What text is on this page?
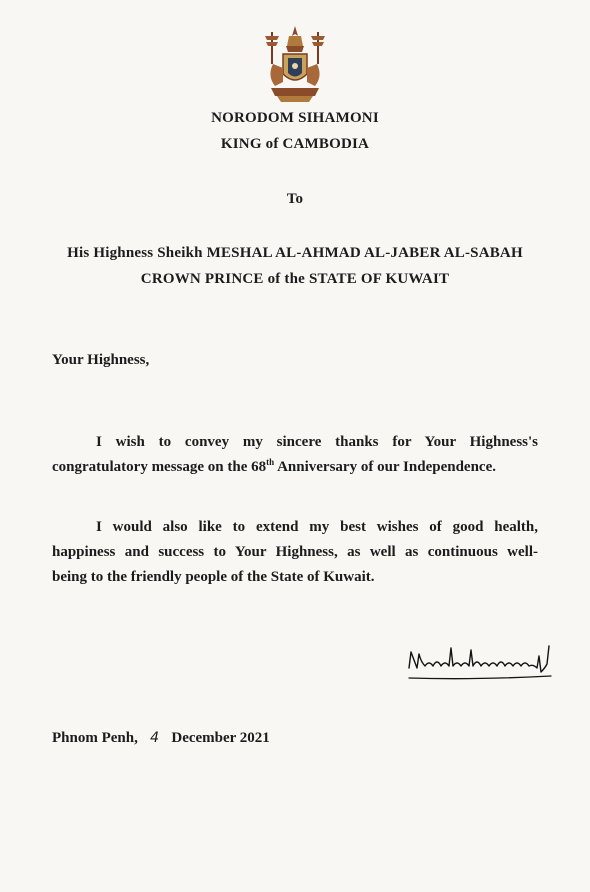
NORODOM SIHAMONI
KING of CAMBODIA
To
His Highness Sheikh MESHAL AL-AHMAD AL-JABER AL-SABAH
CROWN PRINCE of the STATE OF KUWAIT
Your Highness,
I wish to convey my sincere thanks for Your Highness's
congratulatory message on the 68th Anniversary of our Independence.
I would also like to extend my best wishes of good health,
happiness and success to Your Highness, as well as continuous well-
being to the friendly people of the State of Kuwait.
Phnom Penh, 4 December 2021
